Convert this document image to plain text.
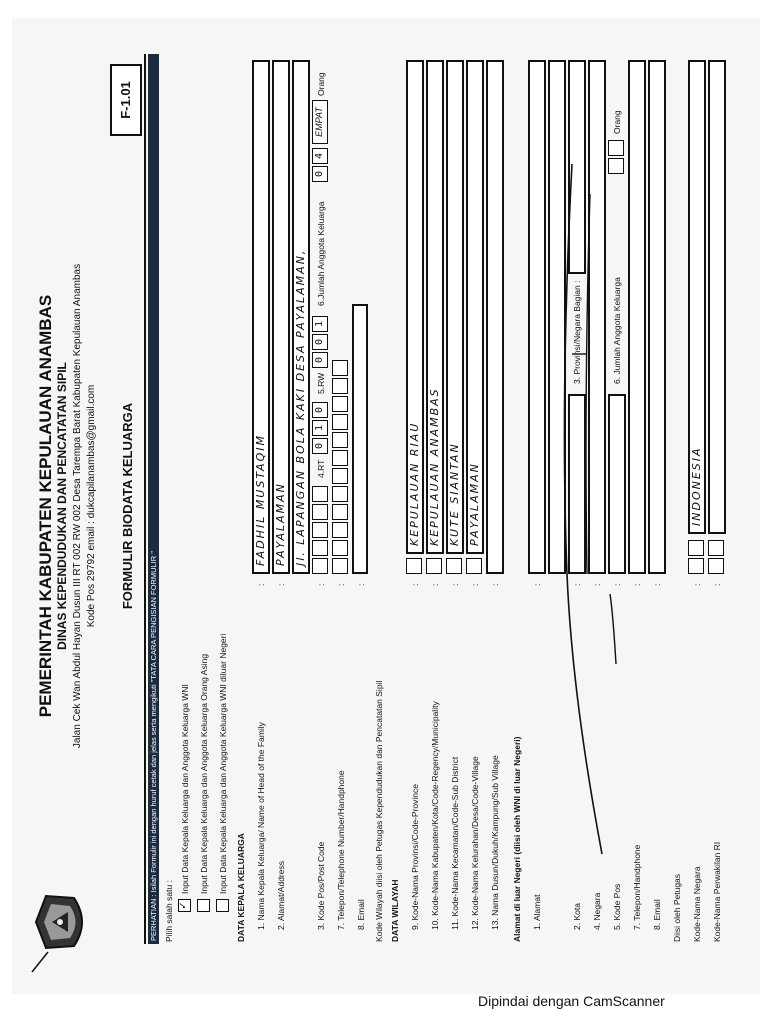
PEMERINTAH KABUPATEN KEPULAUAN ANAMBAS DINAS KEPENDUDUKAN DAN PENCATATAN SIPIL Jalan Cek Wan Abdul Hayan Dusun III RT 002 RW 002 Desa Tarempa Barat Kabupaten Kepulauan Anambas Kode Pos 29792 email : dukcapilanambas@gmail.com
F-1.01
FORMULIR BIODATA KELUARGA
PERHATIAN : Isilah Formulir ini dengan huruf cetak dan jelas serta mengikuti "TATA CARA PENGISIAN FORMULIR " Pilih salah satu : ✓
Input Data Kepala Keluarga dan Anggota Keluarga WNI Input Data Kepala Keluarga dan Anggota Keluarga Orang Asing Input Data Kepala Keluarga dan Anggota Keluarga WNI diluar Negeri DATA KEPALA KELUARGA 1. Nama Kepala Keluarga/ Name of Head of the Family
:
FADHIL MUSTAQIM
2. Alamat/Address
:
PAYALAMAN Jl. LAPANGAN BOLA KAKI DESA PAYALAMAN,
3. Kode Pos/Post Code
:
4.RT
0
1
0
5.RW
0
0
1
6.Jumlah Anggota Keluarga
0
4
EMPAT
Orang
7. Telepon/Telephone Number/Handphone
:
8. Email
:
Kode Wilayah diisi oleh Petugas Kependudukan dan Pencatatan Sipil DATA WILAYAH 9. Kode-Nama Provinsi/Code-Province
:
KEPULAUAN RIAU
10. Kode-Nama Kabupaten/Kota/Code-Regency/Municipality
:
KEPULAUAN ANAMBAS
11. Kode-Nama Kecamatan/Code-Sub District
:
KUTE SIANTAN
12. Kode-Nama Kelurahan/Desa/Code-Village
:
PAYALAMAN
13. Nama Dusun/Dukuh/Kampung/Sub Village
:
Alamat di luar Negeri (diisi oleh WNI di luar Negeri) 1. Alamat
:
2. Kota
:
3. Provinsi/Negara Bagian :
4. Negara
:
5. Kode Pos
:
6. Jumlah Anggota Keluarga
Orang
7. Telepon/Handphone
:
8. Email
:
Diisi oleh Petugas Kode-Nama Negara
:
INDONESIA
Kode-Nama Perwakilan RI
:
Dipindai dengan CamScanner
